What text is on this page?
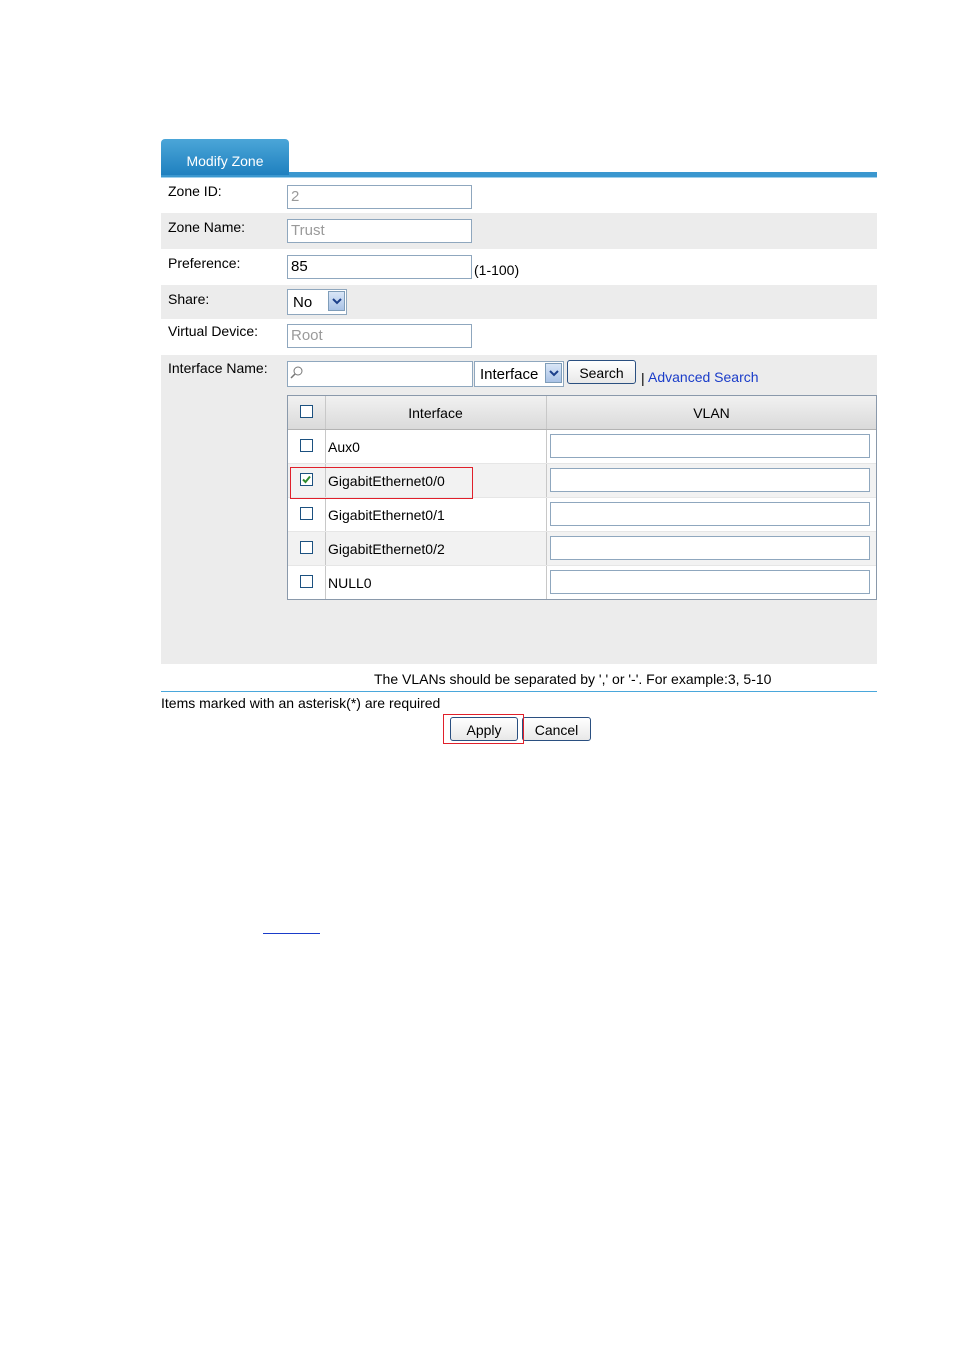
Modify Zone
Zone ID:	2
Zone Name:	Trust
Preference:	85	(1-100)
Share:	No
Virtual Device: Root
Interface Name:	Interface	Search	| Advanced Search
Interface	VLAN
Aux0
GigabitEthernet0/0
GigabitEthernet0/1
GigabitEthernet0/2
NULL0
The VLANs should be separated by ',' or '-'. For example:3, 5-10
Items marked with an asterisk(*) are required
Apply	Cancel
